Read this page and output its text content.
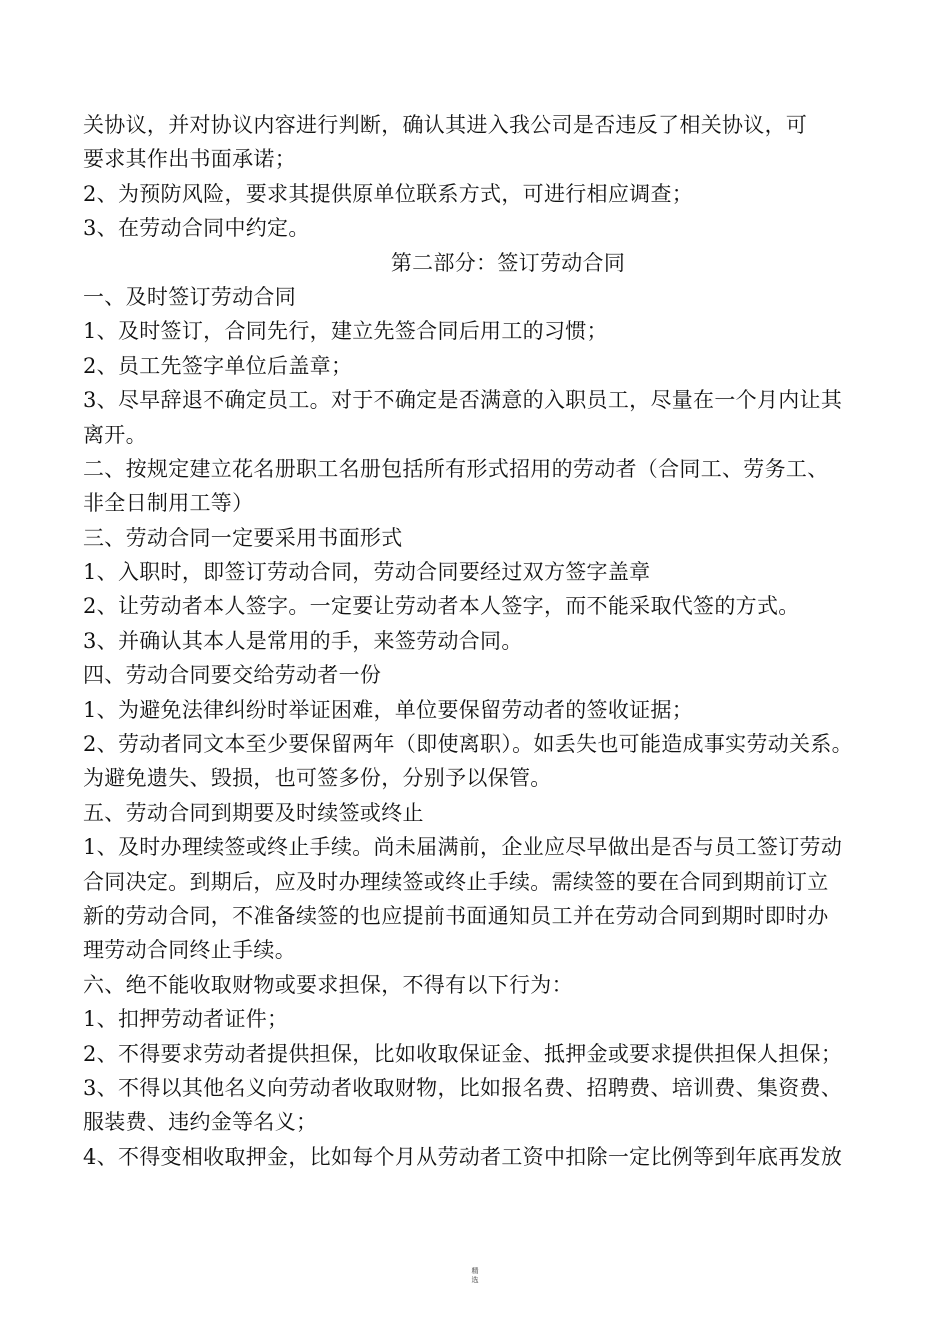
关协议，并对协议内容进行判断，确认其进入我公司是否违反了相关协议，可
要求其作出书面承诺；
2、为预防风险，要求其提供原单位联系方式，可进行相应调查；
3、在劳动合同中约定。
第二部分：签订劳动合同
一、及时签订劳动合同
1、及时签订，合同先行，建立先签合同后用工的习惯；
2、员工先签字单位后盖章；
3、尽早辞退不确定员工。对于不确定是否满意的入职员工，尽量在一个月内让其
离开。
二、按规定建立花名册职工名册包括所有形式招用的劳动者（合同工、劳务工、
非全日制用工等）
三、劳动合同一定要采用书面形式
1、入职时，即签订劳动合同，劳动合同要经过双方签字盖章
2、让劳动者本人签字。一定要让劳动者本人签字，而不能采取代签的方式。
3、并确认其本人是常用的手，来签劳动合同。
四、劳动合同要交给劳动者一份
1、为避免法律纠纷时举证困难，单位要保留劳动者的签收证据；
2、劳动者同文本至少要保留两年（即使离职）。如丢失也可能造成事实劳动关系。
为避免遗失、毁损，也可签多份，分别予以保管。
五、劳动合同到期要及时续签或终止
1、及时办理续签或终止手续。尚未届满前，企业应尽早做出是否与员工签订劳动
合同决定。到期后，应及时办理续签或终止手续。需续签的要在合同到期前订立
新的劳动合同，不准备续签的也应提前书面通知员工并在劳动合同到期时即时办
理劳动合同终止手续。
六、绝不能收取财物或要求担保，不得有以下行为：
1、扣押劳动者证件；
2、不得要求劳动者提供担保，比如收取保证金、抵押金或要求提供担保人担保；
3、不得以其他名义向劳动者收取财物，比如报名费、招聘费、培训费、集资费、
服装费、违约金等名义；
4、不得变相收取押金，比如每个月从劳动者工资中扣除一定比例等到年底再发放
精
选
